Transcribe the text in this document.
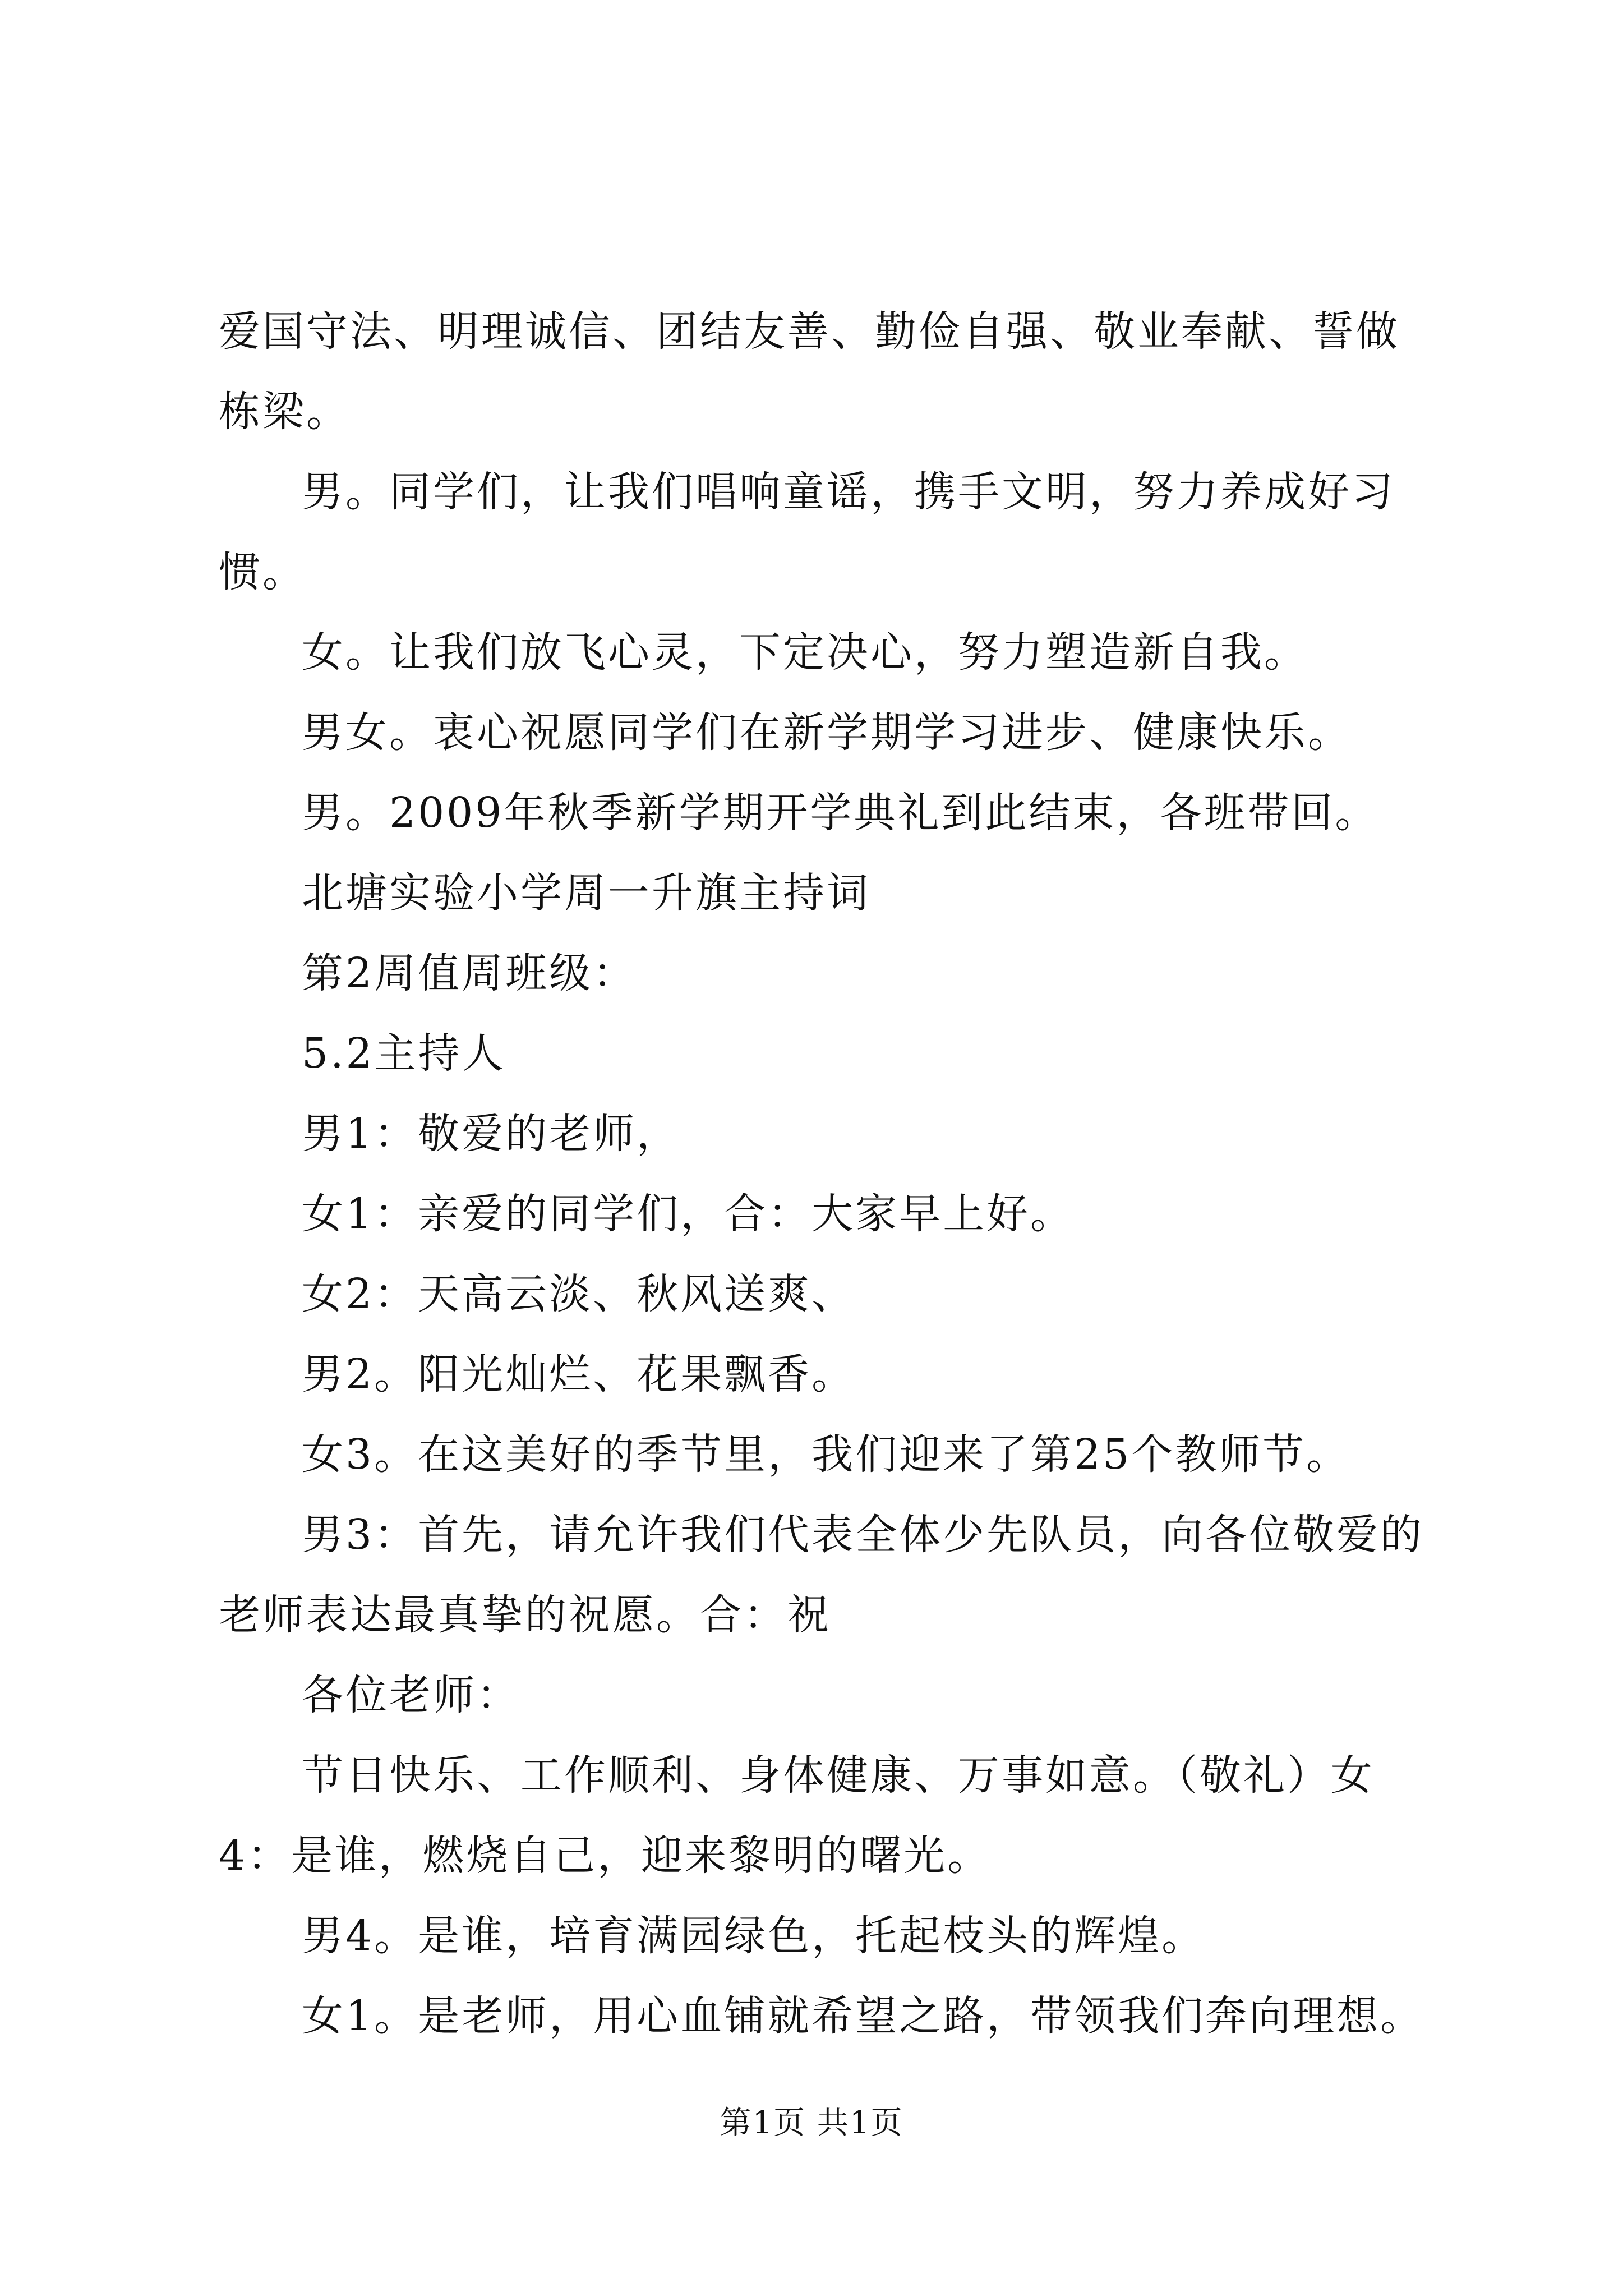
爱国守法、明理诚信、团结友善、勤俭自强、敬业奉献、誓做栋梁。

男。同学们，让我们唱响童谣，携手文明，努力养成好习惯。

女。让我们放飞心灵，下定决心，努力塑造新自我。

男女。衷心祝愿同学们在新学期学习进步、健康快乐。

男。2009年秋季新学期开学典礼到此结束，各班带回。

北塘实验小学周一升旗主持词

第2周值周班级：

5.2主持人

男1：敬爱的老师，

女1：亲爱的同学们，合：大家早上好。

女2：天高云淡、秋风送爽、

男2。阳光灿烂、花果飘香。

女3。在这美好的季节里，我们迎来了第25个教师节。

男3：首先，请允许我们代表全体少先队员，向各位敬爱的老师表达最真挚的祝愿。合：祝

各位老师：

节日快乐、工作顺利、身体健康、万事如意。（敬礼）女4：是谁，燃烧自己，迎来黎明的曙光。

男4。是谁，培育满园绿色，托起枝头的辉煌。

女1。是老师，用心血铺就希望之路，带领我们奔向理想。

第1页 共1页
